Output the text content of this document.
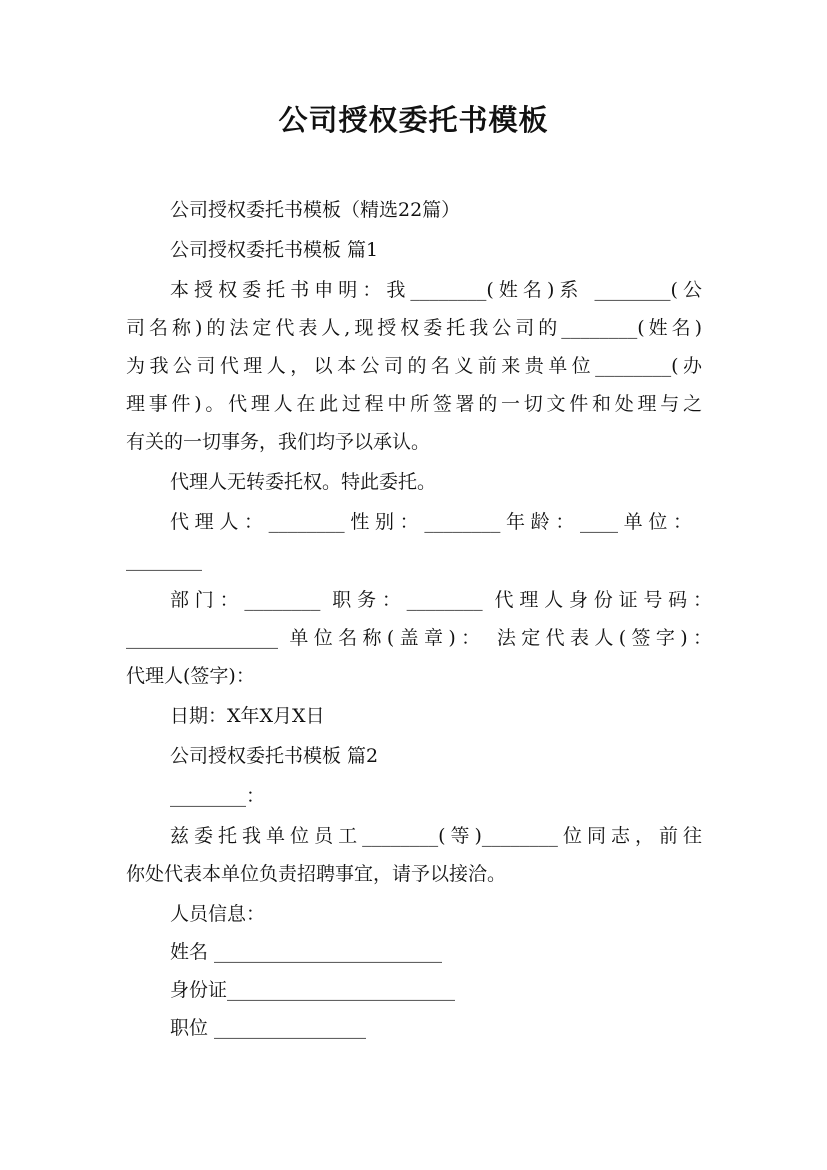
公司授权委托书模板
公司授权委托书模板（精选22篇）
公司授权委托书模板 篇1
本授权委托书申明：我________(姓名)系 ________(公
司名称)的法定代表人,现授权委托我公司的________(姓名)
为我公司代理人，以本公司的名义前来贵单位________(办
理事件)。代理人在此过程中所签署的一切文件和处理与之
有关的一切事务，我们均予以承认。
代理人无转委托权。特此委托。
代理人：________性别：________年龄：____单位：
________
部门：________ 职务：________ 代理人身份证号码：
________________ 单位名称(盖章)： 法定代表人(签字)：
代理人(签字)：
日期：X年X月X日
公司授权委托书模板 篇2
________：
兹委托我单位员工________(等)________位同志，前往
你处代表本单位负责招聘事宜，请予以接洽。
人员信息：
姓名 ________________________
身份证________________________
职位 ________________
